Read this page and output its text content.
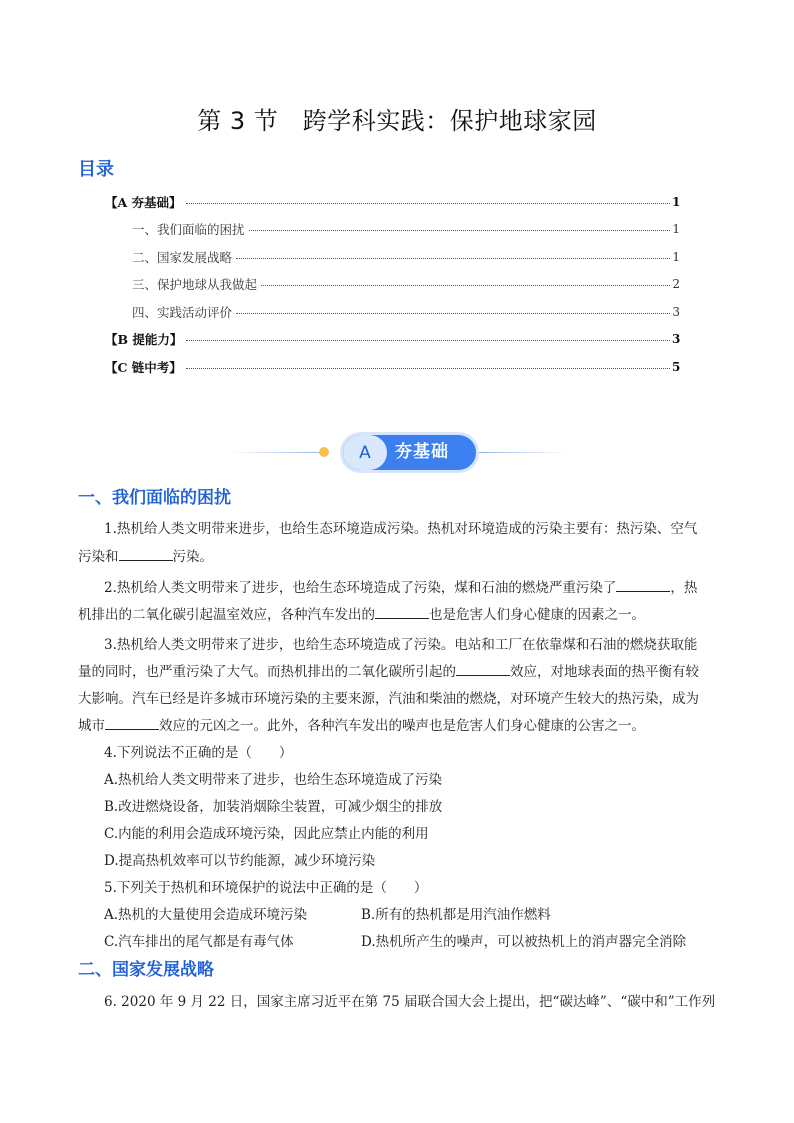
第 3 节　跨学科实践：保护地球家园
目录
【A 夯基础】	1
一、我们面临的困扰	1
二、国家发展战略	1
三、保护地球从我做起	2
四、实践活动评价	3
【B 提能力】	3
【C 链中考】	5
A	夯基础
一、我们面临的困扰
1.热机给人类文明带来进步，也给生态环境造成污染。热机对环境造成的污染主要有：热污染、空气
污染和	污染。
2.热机给人类文明带来了进步，也给生态环境造成了污染，煤和石油的燃烧严重污染了	，热
机排出的二氧化碳引起温室效应，各种汽车发出的	也是危害人们身心健康的因素之一。
3.热机给人类文明带来了进步，也给生态环境造成了污染。电站和工厂在依靠煤和石油的燃烧获取能
量的同时，也严重污染了大气。而热机排出的二氧化碳所引起的	效应，对地球表面的热平衡有较
大影响。汽车已经是许多城市环境污染的主要来源，汽油和柴油的燃烧，对环境产生较大的热污染，成为
城市	效应的元凶之一。此外，各种汽车发出的噪声也是危害人们身心健康的公害之一。
4.下列说法不正确的是（　　）
A.热机给人类文明带来了进步，也给生态环境造成了污染
B.改进燃烧设备，加装消烟除尘装置，可减少烟尘的排放
C.内能的利用会造成环境污染，因此应禁止内能的利用
D.提高热机效率可以节约能源，减少环境污染
5.下列关于热机和环境保护的说法中正确的是（　　）
A.热机的大量使用会造成环境污染	B.所有的热机都是用汽油作燃料
C.汽车排出的尾气都是有毒气体	D.热机所产生的噪声，可以被热机上的消声器完全消除
二、国家发展战略
6. 2020 年 9 月 22 日，国家主席习近平在第 75 届联合国大会上提出，把“碳达峰”、“碳中和”工作列
